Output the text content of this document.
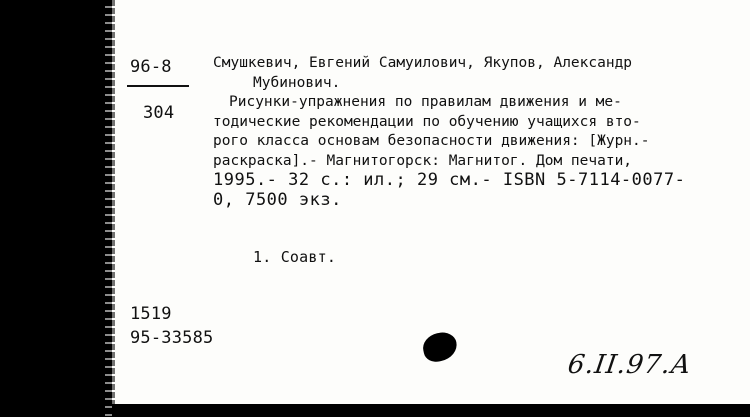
96-8
304
Смушкевич, Евгений Самуилович, Якупов, Александр
Мубинович.
Рисунки-упражнения по правилам движения и ме-
тодические рекомендации по обучению учащихся вто-
рого класса основам безопасности движения: [Журн.-
раскраска].- Магнитогорск: Магнитог. Дом печати,
1995.- 32 с.: ил.; 29 см.- ISBN 5-7114-0077-
0, 7500 экз.
1. Соавт.
1519
95-33585
6.II.97.А
